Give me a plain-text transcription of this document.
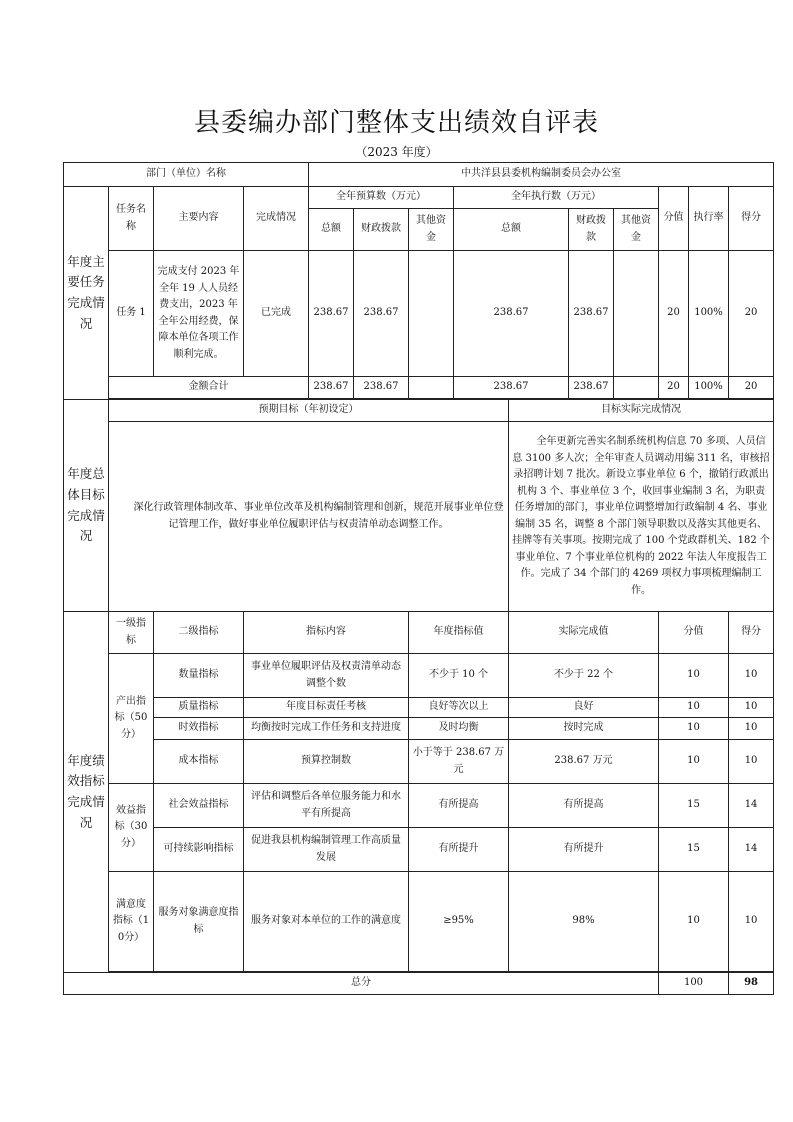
县委编办部门整体支出绩效自评表
（2023 年度）
部门（单位）名称				中共洋县县委机构编制委员会办公室									
年度主要任务完成情况	任务名称	主要内容	完成情况	全年预算数（万元）			全年执行数（万元）				分值	执行率	得分
				总额	财政拨款	其他资金	总额		财政拨款	其他资金			
	任务 1	完成支付 2023 年全年 19 人人员经费支出，2023 年全年公用经费，保障本单位各项工作顺利完成。	已完成	238.67	238.67		238.67		238.67		20	100%	20
	金额合计			238.67	238.67		238.67		238.67		20	100%	20

年度总体目标完成情况	预期目标（年初设定）							目标实际完成情况					
	深化行政管理体制改革、事业单位改革及机构编制管理和创新，规范开展事业单位登记管理工作，做好事业单位履职评估与权责清单动态调整工作。							全年更新完善实名制系统机构信息 70 多项、人员信息 3100 多人次；全年审查人员调动用编 311 名，审核招录招聘计划 7 批次。新设立事业单位 6 个，撤销行政派出机构 3 个、事业单位 3 个，收回事业编制 3 名，为职责任务增加的部门，事业单位调整增加行政编制 4 名、事业编制 35 名，调整 8 个部门领导职数以及落实其他更名、挂牌等有关事项。按期完成了 100 个党政群机关、182 个事业单位、7 个事业单位机构的 2022 年法人年度报告工作。完成了 34 个部门的 4269 项权力事项梳理编制工作。					
年度绩效指标完成情况	一级指标	二级指标	指标内容			年度指标值		实际完成值			分值		得分
	产出指标（50分）	数量指标	事业单位履职评估及权责清单动态调整个数			不少于 10 个		不少于 22 个			10		10
		质量指标	年度目标责任考核			良好等次以上		良好			10		10
		时效指标	均衡按时完成工作任务和支持进度			及时均衡		按时完成			10		10
		成本指标	预算控制数			小于等于 238.67 万元		238.67 万元			10		10
	效益指标（30分）	社会效益指标	评估和调整后各单位服务能力和水平有所提高			有所提高		有所提高			15		14
		可持续影响指标	促进我县机构编制管理工作高质量发展			有所提升		有所提升			15		14
	满意度指标（10分）	服务对象满意度指标	服务对象对本单位的工作的满意度			≥95%		98%			10		10

总分											100		98
